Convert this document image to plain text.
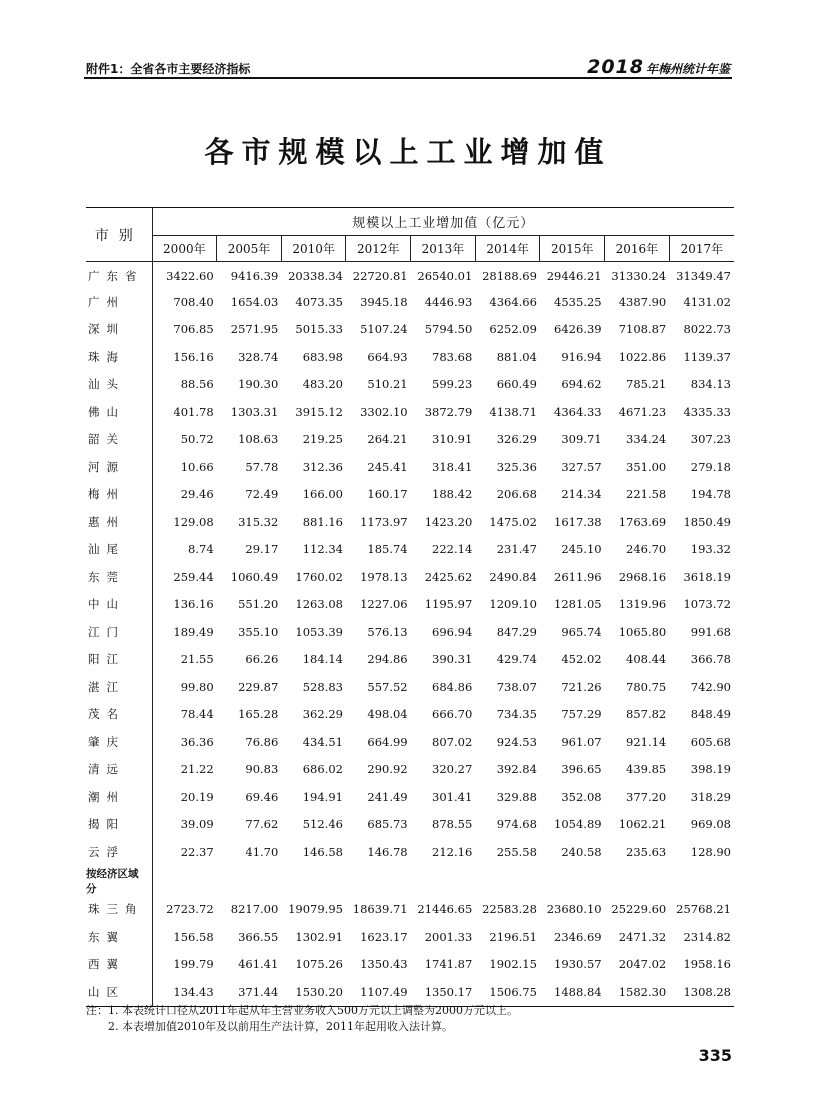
附件1：全省各市主要经济指标	2018 年梅州统计年鉴
各市规模以上工业增加值
市别	规模以上工业增加值（亿元）								
	2000年	2005年	2010年	2012年	2013年	2014年	2015年	2016年	2017年
广东省	3422.60	9416.39	20338.34	22720.81	26540.01	28188.69	29446.21	31330.24	31349.47
广州	708.40	1654.03	4073.35	3945.18	4446.93	4364.66	4535.25	4387.90	4131.02
深圳	706.85	2571.95	5015.33	5107.24	5794.50	6252.09	6426.39	7108.87	8022.73
珠海	156.16	328.74	683.98	664.93	783.68	881.04	916.94	1022.86	1139.37
汕头	88.56	190.30	483.20	510.21	599.23	660.49	694.62	785.21	834.13
佛山	401.78	1303.31	3915.12	3302.10	3872.79	4138.71	4364.33	4671.23	4335.33
韶关	50.72	108.63	219.25	264.21	310.91	326.29	309.71	334.24	307.23
河源	10.66	57.78	312.36	245.41	318.41	325.36	327.57	351.00	279.18
梅州	29.46	72.49	166.00	160.17	188.42	206.68	214.34	221.58	194.78
惠州	129.08	315.32	881.16	1173.97	1423.20	1475.02	1617.38	1763.69	1850.49
汕尾	8.74	29.17	112.34	185.74	222.14	231.47	245.10	246.70	193.32
东莞	259.44	1060.49	1760.02	1978.13	2425.62	2490.84	2611.96	2968.16	3618.19
中山	136.16	551.20	1263.08	1227.06	1195.97	1209.10	1281.05	1319.96	1073.72
江门	189.49	355.10	1053.39	576.13	696.94	847.29	965.74	1065.80	991.68
阳江	21.55	66.26	184.14	294.86	390.31	429.74	452.02	408.44	366.78
湛江	99.80	229.87	528.83	557.52	684.86	738.07	721.26	780.75	742.90
茂名	78.44	165.28	362.29	498.04	666.70	734.35	757.29	857.82	848.49
肇庆	36.36	76.86	434.51	664.99	807.02	924.53	961.07	921.14	605.68
清远	21.22	90.83	686.02	290.92	320.27	392.84	396.65	439.85	398.19
潮州	20.19	69.46	194.91	241.49	301.41	329.88	352.08	377.20	318.29
揭阳	39.09	77.62	512.46	685.73	878.55	974.68	1054.89	1062.21	969.08
云浮	22.37	41.70	146.58	146.78	212.16	255.58	240.58	235.63	128.90
按经济区域分									
珠三角	2723.72	8217.00	19079.95	18639.71	21446.65	22583.28	23680.10	25229.60	25768.21
东翼	156.58	366.55	1302.91	1623.17	2001.33	2196.51	2346.69	2471.32	2314.82
西翼	199.79	461.41	1075.26	1350.43	1741.87	1902.15	1930.57	2047.02	1958.16
山区	134.43	371.44	1530.20	1107.49	1350.17	1506.75	1488.84	1582.30	1308.28
注：1. 本表统计口径从2011年起从年主营业务收入500万元以上调整为2000万元以上。
2. 本表增加值2010年及以前用生产法计算，2011年起用收入法计算。
335
